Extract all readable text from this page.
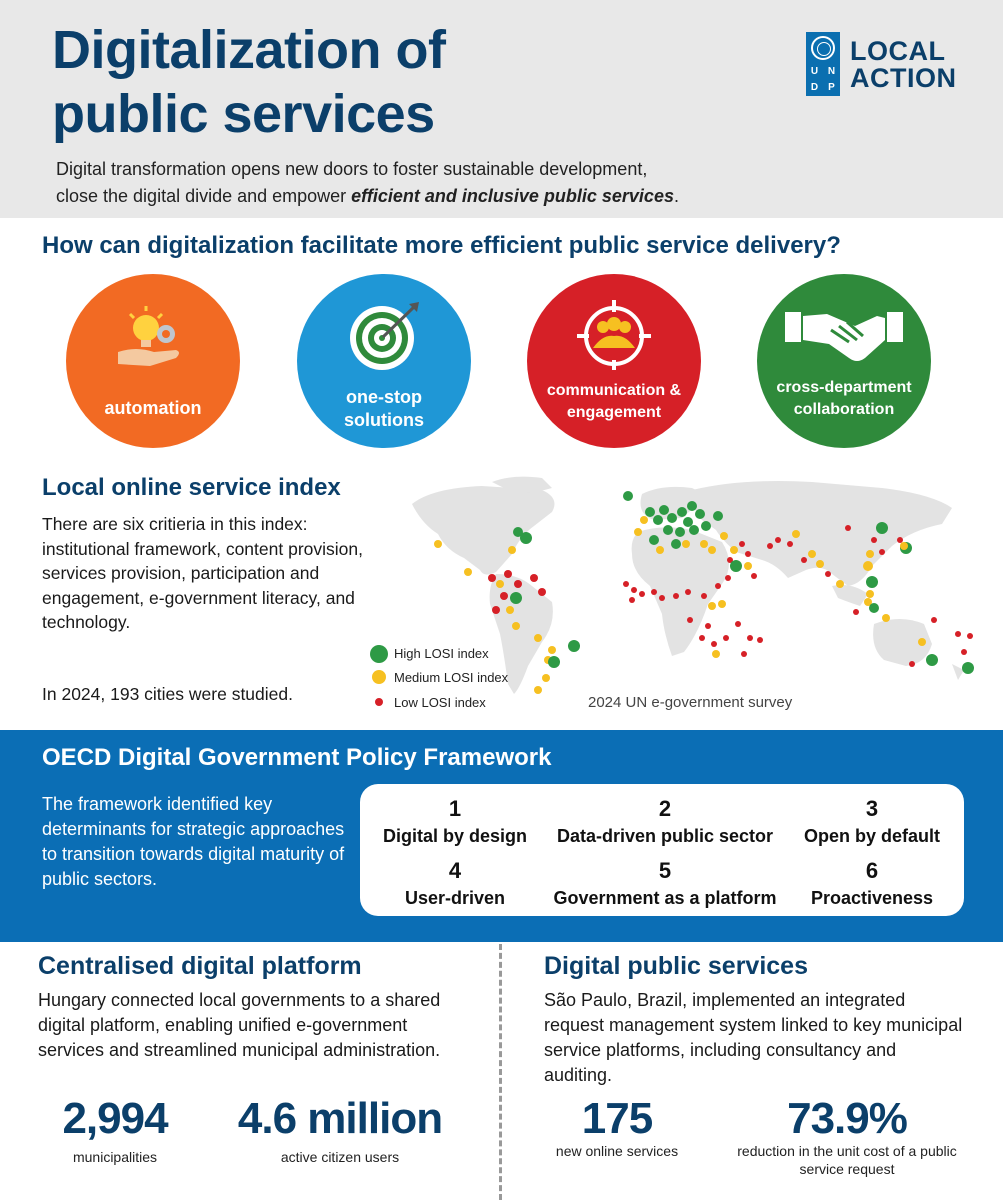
Digitalization of
public services
Digital transformation opens new doors to foster sustainable development,
close the digital divide and empower efficient and inclusive public services.
U N
D	P
LOCAL
ACTION
How can digitalization facilitate more efficient public service delivery?
automation
one-stop
solutions
communication &
engagement
cross-department
collaboration
Local online service index
There are six critieria in this index: institutional framework, content provision, services provision, participation and engagement, e-government literacy, and technology.
In 2024, 193 cities were studied.
High LOSI index
Medium LOSI index
Low LOSI index	2024 UN e-government survey
OECD Digital Government Policy Framework
The framework identified key determinants for strategic approaches to transition towards digital maturity of public sectors.
1
Digital by design
2
Data-driven public sector
3
Open by default
4
User-driven
5
Government as a platform
6
Proactiveness
Centralised digital platform
Hungary connected local governments to a shared digital platform, enabling unified e-government services and streamlined municipal administration.
2,994
municipalities
4.6 million
active citizen users
Digital public services
São Paulo, Brazil, implemented an integrated request management system linked to key municipal service platforms, including consultancy and auditing.
175
new online services
73.9%
reduction in the unit cost of a public service request
